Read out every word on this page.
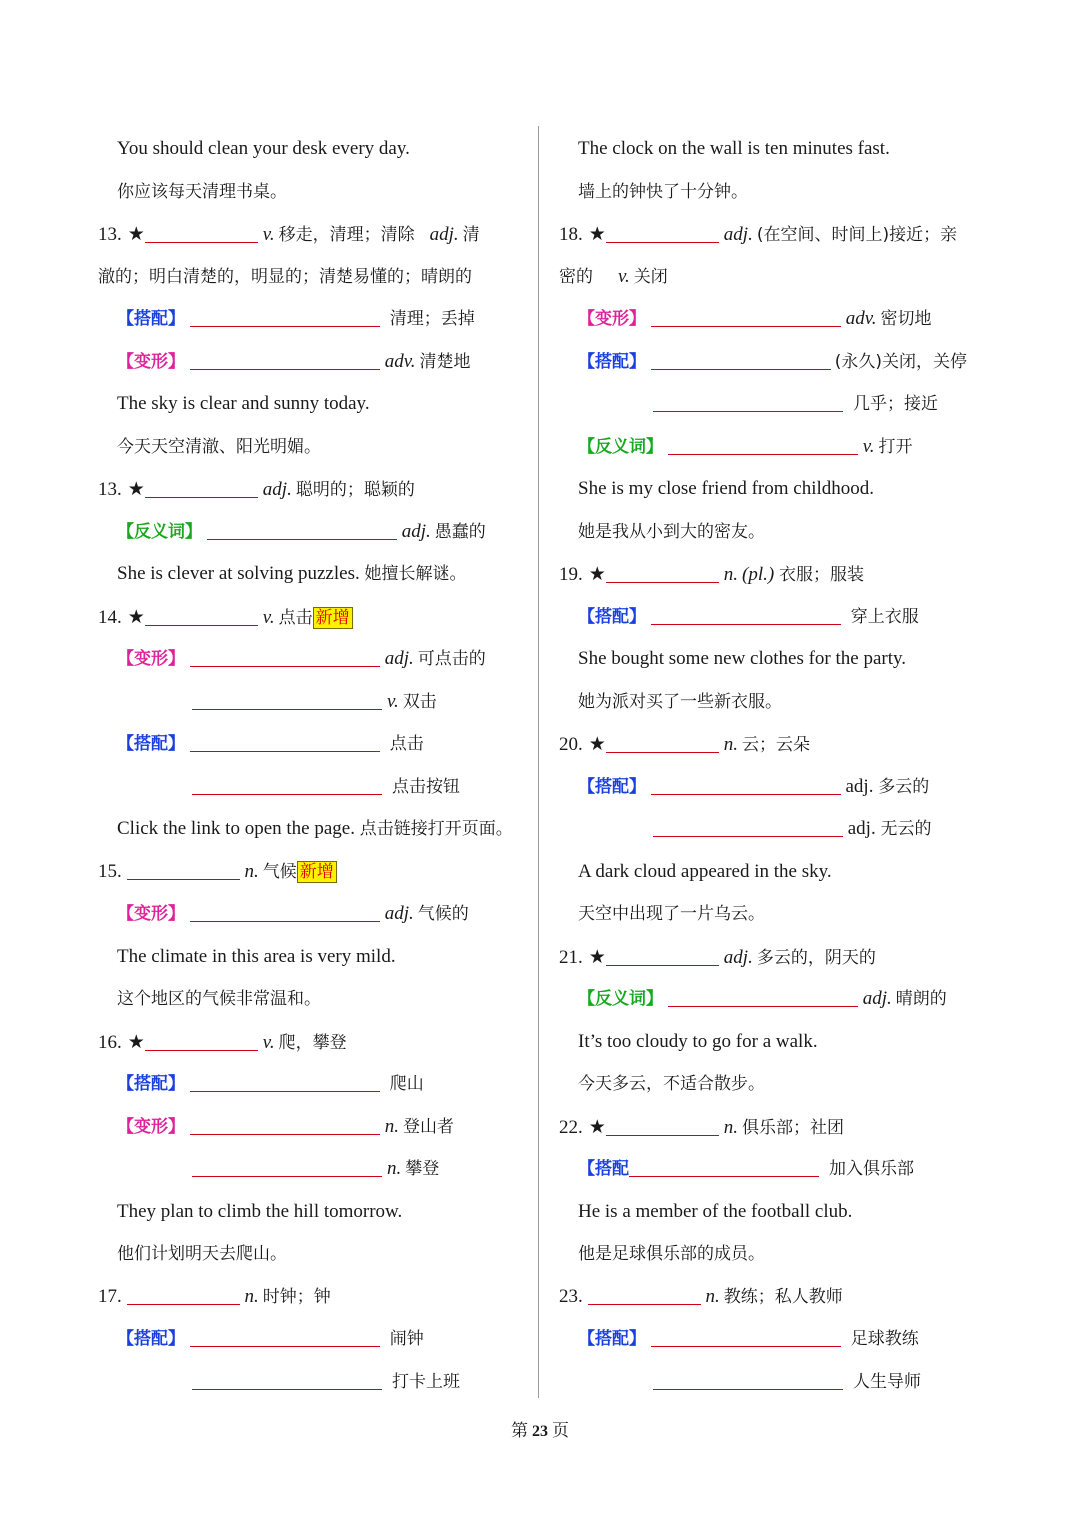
You should clean your desk every day.
你应该每天清理书桌。
13. ★	v. 移走，清理；清除 adj. 清
澈的；明白清楚的，明显的；清楚易懂的；晴朗的
【搭配】	清理；丢掉
【变形】	adv. 清楚地
The sky is clear and sunny today.
今天天空清澈、阳光明媚。
13. ★	adj. 聪明的；聪颖的
【反义词】	adj. 愚蠢的
She is clever at solving puzzles. 她擅长解谜。
14. ★	v. 点击 新增
【变形】	adj. 可点击的
v. 双击
【搭配】	点击
点击按钮
Click the link to open the page. 点击链接打开页面。
15.	n. 气候 新增
【变形】	adj. 气候的
The climate in this area is very mild.
这个地区的气候非常温和。
16. ★	v. 爬，攀登
【搭配】	爬山
【变形】	n. 登山者
n. 攀登
They plan to climb the hill tomorrow.
他们计划明天去爬山。
17.	n. 时钟；钟
【搭配】	闹钟
打卡上班
The clock on the wall is ten minutes fast.
墙上的钟快了十分钟。
18. ★	adj. (在空间、时间上)接近；亲
密的 v. 关闭
【变形】	adv. 密切地
【搭配】	(永久)关闭，关停
几乎；接近
【反义词】	v. 打开
She is my close friend from childhood.
她是我从小到大的密友。
19. ★	n. (pl.) 衣服；服装
【搭配】	穿上衣服
She bought some new clothes for the party.
她为派对买了一些新衣服。
20. ★	n. 云；云朵
【搭配】	adj. 多云的
adj. 无云的
A dark cloud appeared in the sky.
天空中出现了一片乌云。
21. ★	adj. 多云的，阴天的
【反义词】	adj. 晴朗的
It’s too cloudy to go for a walk.
今天多云，不适合散步。
22. ★	n. 俱乐部；社团
【搭配	加入俱乐部
He is a member of the football club.
他是足球俱乐部的成员。
23.	n. 教练；私人教师
【搭配】	足球教练
人生导师
第 23 页
